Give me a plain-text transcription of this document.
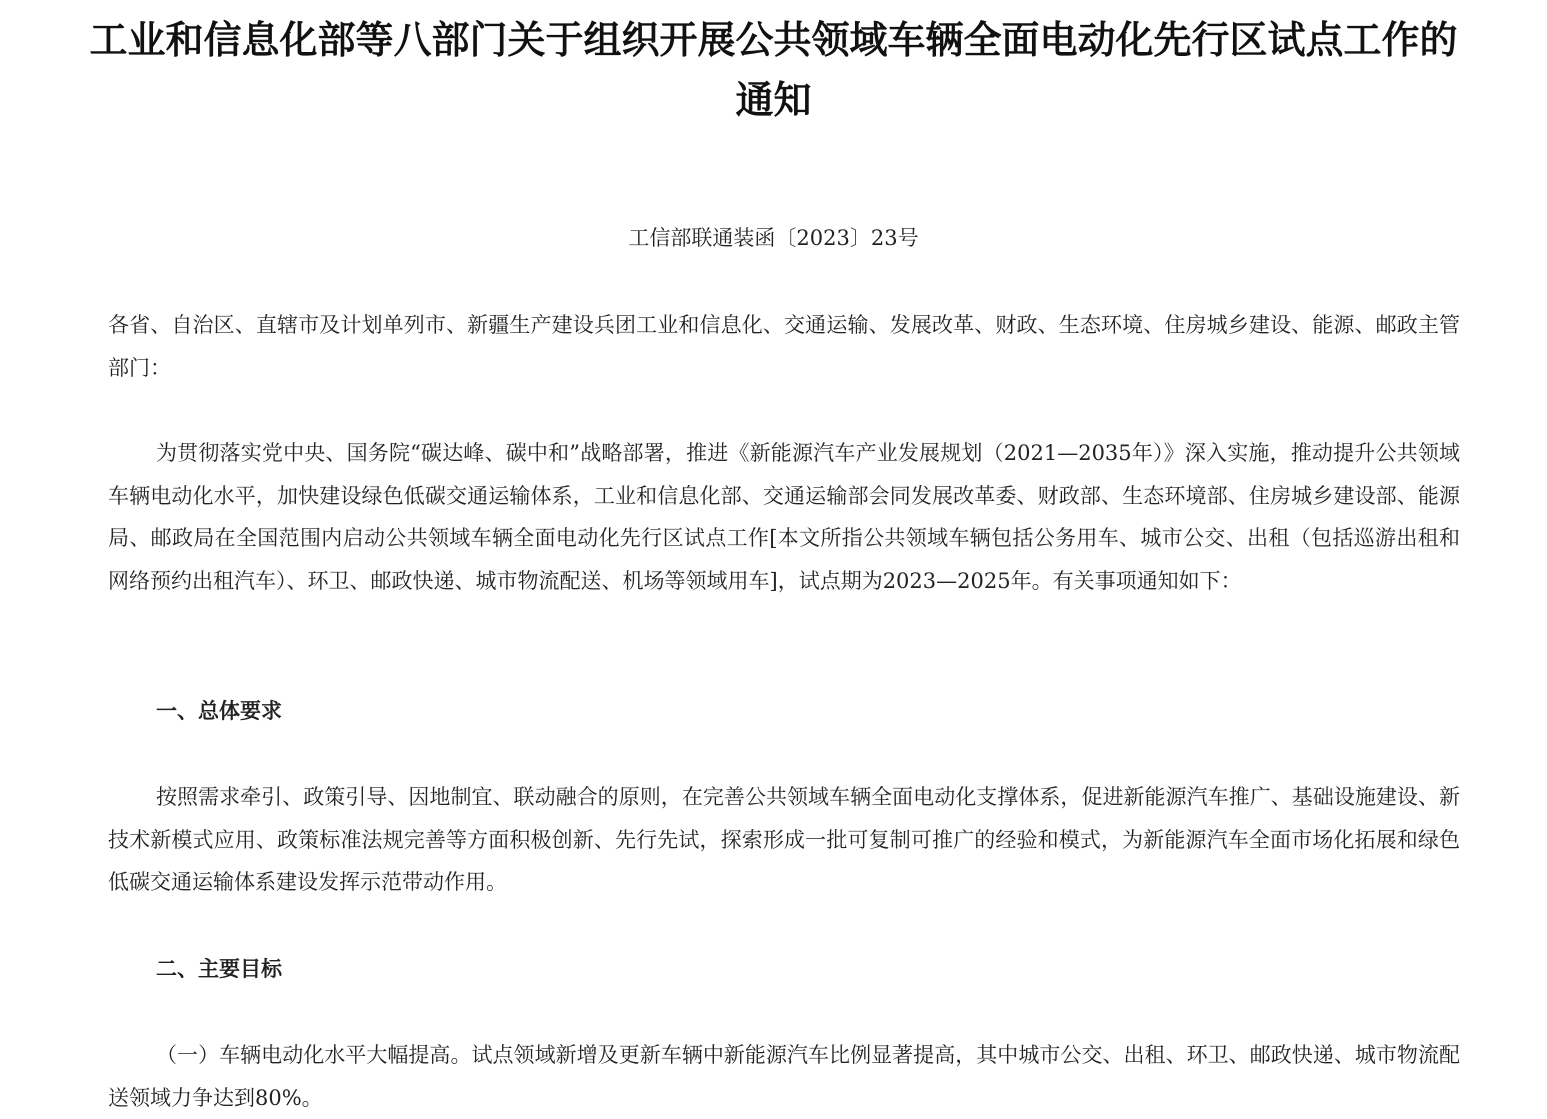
工业和信息化部等八部门关于组织开展公共领域车辆全面电动化先行区试点工作的通知
工信部联通装函〔2023〕23号

各省、自治区、直辖市及计划单列市、新疆生产建设兵团工业和信息化、交通运输、发展改革、财政、生态环境、住房城乡建设、能源、邮政主管部门：

为贯彻落实党中央、国务院“碳达峰、碳中和”战略部署，推进《新能源汽车产业发展规划（2021—2035年）》深入实施，推动提升公共领域车辆电动化水平，加快建设绿色低碳交通运输体系，工业和信息化部、交通运输部会同发展改革委、财政部、生态环境部、住房城乡建设部、能源局、邮政局在全国范围内启动公共领域车辆全面电动化先行区试点工作[本文所指公共领域车辆包括公务用车、城市公交、出租（包括巡游出租和网络预约出租汽车）、环卫、邮政快递、城市物流配送、机场等领域用车]，试点期为2023—2025年。有关事项通知如下：

一、总体要求

按照需求牵引、政策引导、因地制宜、联动融合的原则，在完善公共领域车辆全面电动化支撑体系，促进新能源汽车推广、基础设施建设、新技术新模式应用、政策标准法规完善等方面积极创新、先行先试，探索形成一批可复制可推广的经验和模式，为新能源汽车全面市场化拓展和绿色低碳交通运输体系建设发挥示范带动作用。

二、主要目标

（一）车辆电动化水平大幅提高。试点领域新增及更新车辆中新能源汽车比例显著提高，其中城市公交、出租、环卫、邮政快递、城市物流配送领域力争达到80%。
